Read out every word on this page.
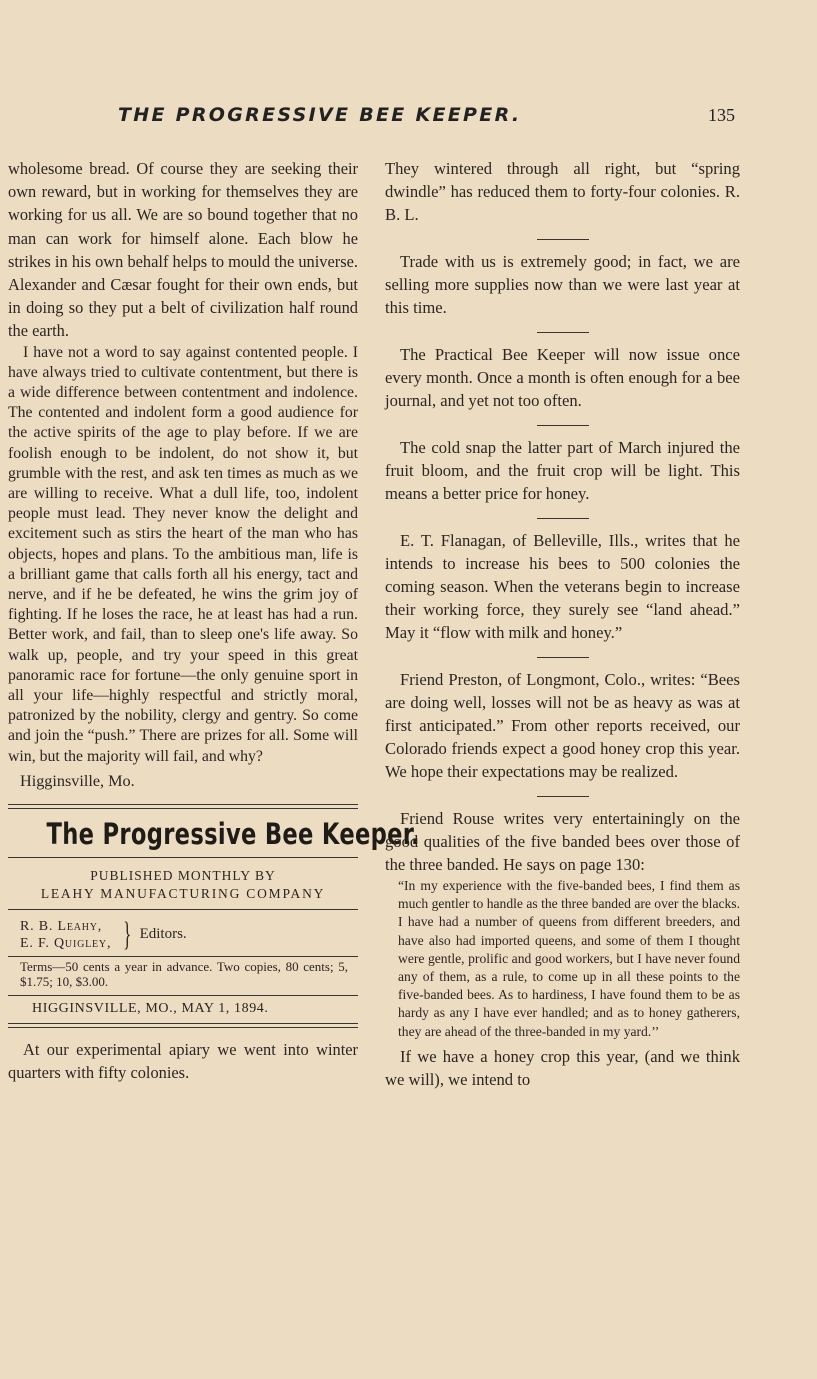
THE PROGRESSIVE BEE KEEPER.	135

wholesome bread. Of course they are seeking their own reward, but in working for themselves they are working for us all. We are so bound together that no man can work for himself alone. Each blow he strikes in his own behalf helps to mould the universe. Alexander and Cæsar fought for their own ends, but in doing so they put a belt of civilization half round the earth.

I have not a word to say against contented people. I have always tried to cultivate contentment, but there is a wide difference between contentment and indolence. The contented and indolent form a good audience for the active spirits of the age to play before. If we are foolish enough to be indolent, do not show it, but grumble with the rest, and ask ten times as much as we are willing to receive. What a dull life, too, indolent people must lead. They never know the delight and excitement such as stirs the heart of the man who has objects, hopes and plans. To the ambitious man, life is a brilliant game that calls forth all his energy, tact and nerve, and if he be defeated, he wins the grim joy of fighting. If he loses the race, he at least has had a run. Better work, and fail, than to sleep one's life away. So walk up, people, and try your speed in this great panoramic race for fortune—the only genuine sport in all your life—highly respectful and strictly moral, patronized by the nobility, clergy and gentry. So come and join the “push.” There are prizes for all. Some will win, but the majority will fail, and why?

Higginsville, Mo.

The Progressive Bee Keeper.
PUBLISHED MONTHLY BY
LEAHY MANUFACTURING COMPANY
R. B. Leahy,
E. F. Quigley, } Editors.
Terms—50 cents a year in advance. Two copies, 80 cents; 5, $1.75; 10, $3.00.
HIGGINSVILLE, MO., MAY 1, 1894.

At our experimental apiary we went into winter quarters with fifty colonies.

They wintered through all right, but “spring dwindle” has reduced them to forty-four colonies. R. B. L.

Trade with us is extremely good; in fact, we are selling more supplies now than we were last year at this time.

The Practical Bee Keeper will now issue once every month. Once a month is often enough for a bee journal, and yet not too often.

The cold snap the latter part of March injured the fruit bloom, and the fruit crop will be light. This means a better price for honey.

E. T. Flanagan, of Belleville, Ills., writes that he intends to increase his bees to 500 colonies the coming season. When the veterans begin to increase their working force, they surely see “land ahead.” May it “flow with milk and honey.”

Friend Preston, of Longmont, Colo., writes: “Bees are doing well, losses will not be as heavy as was at first anticipated.” From other reports received, our Colorado friends expect a good honey crop this year. We hope their expectations may be realized.

Friend Rouse writes very entertainingly on the good qualities of the five banded bees over those of the three banded. He says on page 130:

“In my experience with the five-banded bees, I find them as much gentler to handle as the three banded are over the blacks. I have had a number of queens from different breeders, and have also had imported queens, and some of them I thought were gentle, prolific and good workers, but I have never found any of them, as a rule, to come up in all these points to the five-banded bees. As to hardiness, I have found them to be as hardy as any I have ever handled; and as to honey gatherers, they are ahead of the three-banded in my yard.’’

If we have a honey crop this year, (and we think we will), we intend to
